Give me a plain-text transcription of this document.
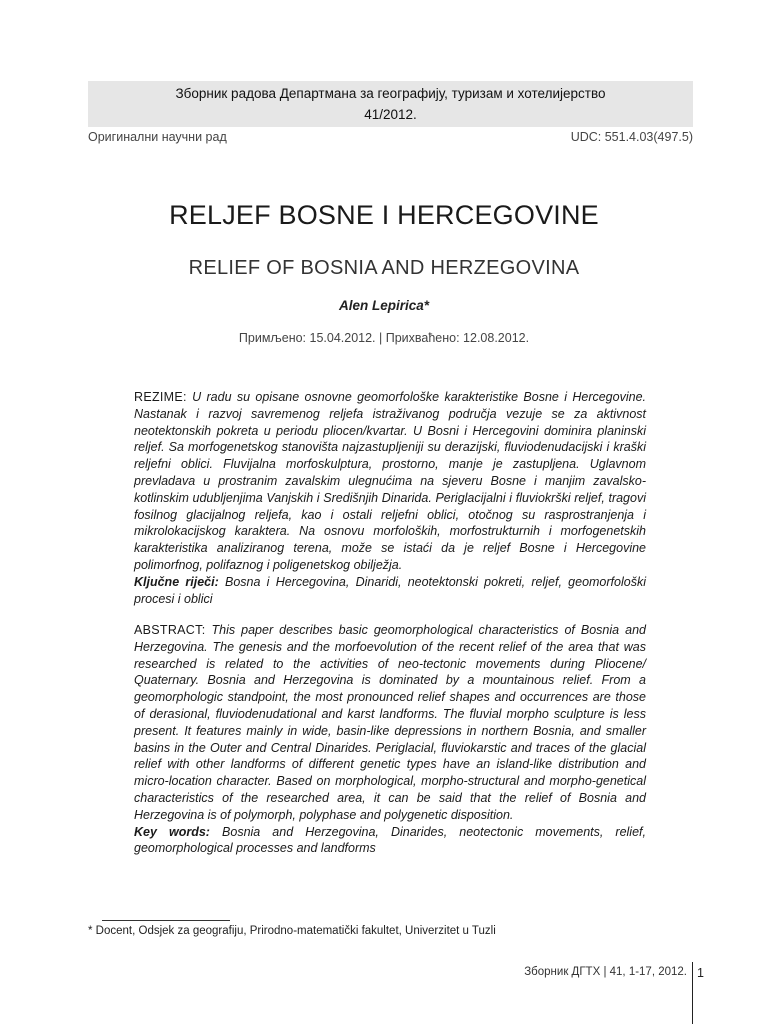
Зборник радова Департмана за географију, туризам и хотелијерство
41/2012.
Оригинални научни рад	UDC: 551.4.03(497.5)
RELJEF BOSNE I HERCEGOVINE
RELIEF OF BOSNIA AND HERZEGOVINA
Alen Lepirica*
Примљено: 15.04.2012. | Прихваћено: 12.08.2012.
REZIME: U radu su opisane osnovne geomorfološke karakteristike Bosne i Hercegovine. Nastanak i razvoj savremenog reljefa istraživanog područja vezuje se za aktivnost neotektonskih pokreta u periodu pliocen/kvartar. U Bosni i Hercegovini dominira planinski reljef. Sa morfogenetskog stanovišta najzastupljeniji su derazijski, fluviodenudacijski i kraški reljefni oblici. Fluvijalna morfoskulptura, prostorno, manje je zastupljena. Uglavnom prevladava u prostranim zavalskim ulegnućima na sjeveru Bosne i manjim zavalsko-kotlinskim udubljenjima Vanjskih i Središnjih Dinarida. Periglacijalni i fluviokrški reljef, tragovi fosilnog glacijalnog reljefa, kao i ostali reljefni oblici, otočnog su rasprostranjenja i mikrolokacijskog karaktera. Na osnovu morfoloških, morfostrukturnih i morfogenetskih karakteristika analiziranog terena, može se istaći da je reljef Bosne i Hercegovine polimorfnog, polifaznog i poligenetskog obilježja.
Ključne riječi: Bosna i Hercegovina, Dinaridi, neotektonski pokreti, reljef, geomorfološki procesi i oblici
ABSTRACT: This paper describes basic geomorphological characteristics of Bosnia and Herzegovina. The genesis and the morfoevolution of the recent relief of the area that was researched is related to the activities of neo-tectonic movements during Pliocene/ Quaternary. Bosnia and Herzegovina is dominated by a mountainous relief. From a geomorphologic standpoint, the most pronounced relief shapes and occurrences are those of derasional, fluviodenudational and karst landforms. The fluvial morpho sculpture is less present. It features mainly in wide, basin-like depressions in northern Bosnia, and smaller basins in the Outer and Central Dinarides. Periglacial, fluviokarstic and traces of the glacial relief with other landforms of different genetic types have an island-like distribution and micro-location character. Based on morphological, morpho-structural and morpho-genetical characteristics of the researched area, it can be said that the relief of Bosnia and Herzegovina is of polymorph, polyphase and polygenetic disposition.
Key words: Bosnia and Herzegovina, Dinarides, neotectonic movements, relief, geomorphological processes and landforms
* Docent, Odsjek za geografiju, Prirodno-matematički fakultet, Univerzitet u Tuzli
Зборник ДГТХ | 41, 1-17, 2012. 1
